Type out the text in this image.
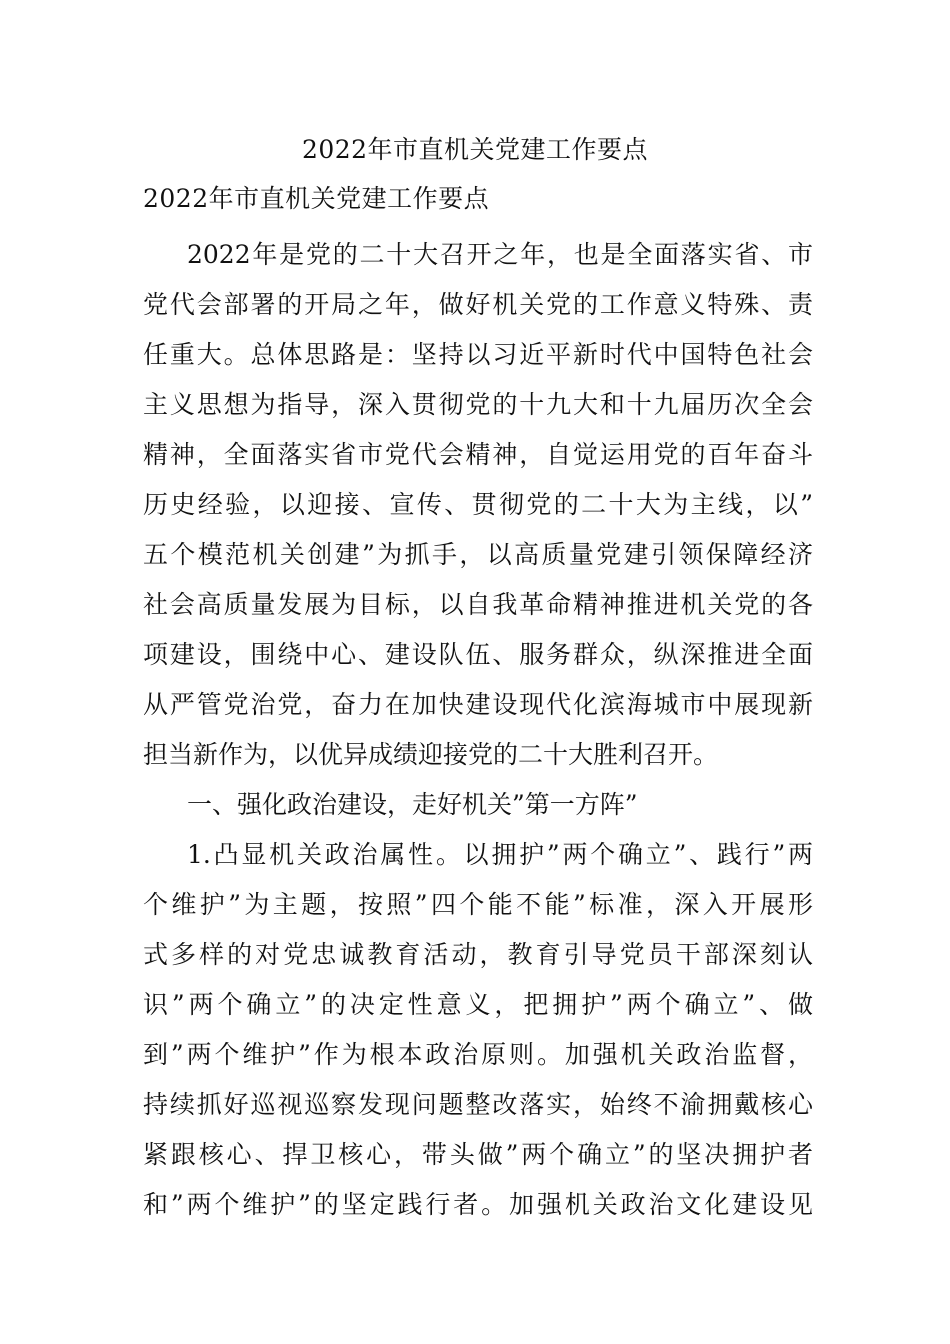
2022年市直机关党建工作要点
2022年市直机关党建工作要点
2022年是党的二十大召开之年，也是全面落实省、市
党代会部署的开局之年，做好机关党的工作意义特殊、责
任重大。总体思路是：坚持以习近平新时代中国特色社会
主义思想为指导，深入贯彻党的十九大和十九届历次全会
精神，全面落实省市党代会精神，自觉运用党的百年奋斗
历史经验，以迎接、宣传、贯彻党的二十大为主线，以”
五个模范机关创建”为抓手，以高质量党建引领保障经济
社会高质量发展为目标，以自我革命精神推进机关党的各
项建设，围绕中心、建设队伍、服务群众，纵深推进全面
从严管党治党，奋力在加快建设现代化滨海城市中展现新
担当新作为，以优异成绩迎接党的二十大胜利召开。
一、强化政治建设，走好机关”第一方阵”
1.凸显机关政治属性。以拥护”两个确立”、践行”两
个维护”为主题，按照”四个能不能”标准，深入开展形
式多样的对党忠诚教育活动，教育引导党员干部深刻认
识”两个确立”的决定性意义，把拥护”两个确立”、做
到”两个维护”作为根本政治原则。加强机关政治监督，
持续抓好巡视巡察发现问题整改落实，始终不渝拥戴核心
紧跟核心、捍卫核心，带头做”两个确立”的坚决拥护者
和”两个维护”的坚定践行者。加强机关政治文化建设见
